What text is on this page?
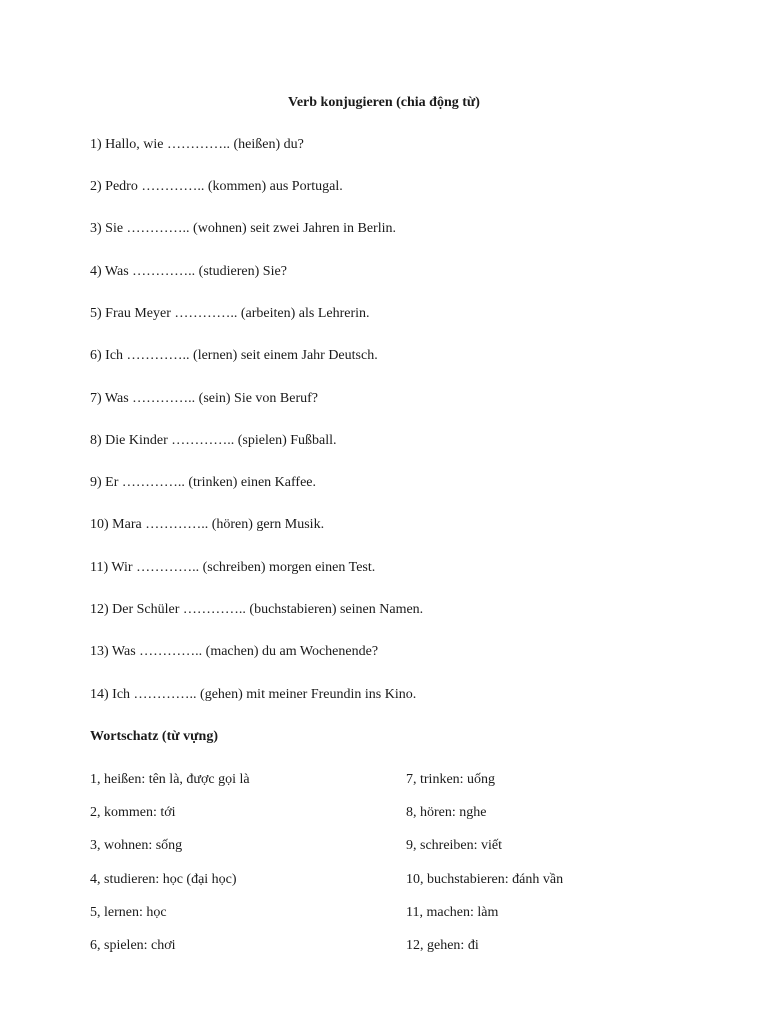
Verb konjugieren (chia động từ)
1) Hallo, wie ………….. (heißen) du?
2) Pedro ………….. (kommen) aus Portugal.
3) Sie ………….. (wohnen) seit zwei Jahren in Berlin.
4) Was ………….. (studieren) Sie?
5) Frau Meyer ………….. (arbeiten) als Lehrerin.
6) Ich ………….. (lernen) seit einem Jahr Deutsch.
7) Was ………….. (sein) Sie von Beruf?
8) Die Kinder ………….. (spielen) Fußball.
9) Er ………….. (trinken) einen Kaffee.
10) Mara ………….. (hören) gern Musik.
11) Wir ………….. (schreiben) morgen einen Test.
12) Der Schüler ………….. (buchstabieren) seinen Namen.
13) Was ………….. (machen) du am Wochenende?
14) Ich ………….. (gehen) mit meiner Freundin ins Kino.
Wortschatz (từ vựng)
1, heißen: tên là, được gọi là
2, kommen: tới
3, wohnen: sống
4, studieren: học (đại học)
5, lernen: học
6, spielen: chơi
7, trinken: uống
8, hören: nghe
9, schreiben: viết
10, buchstabieren: đánh vần
11, machen: làm
12, gehen: đi
